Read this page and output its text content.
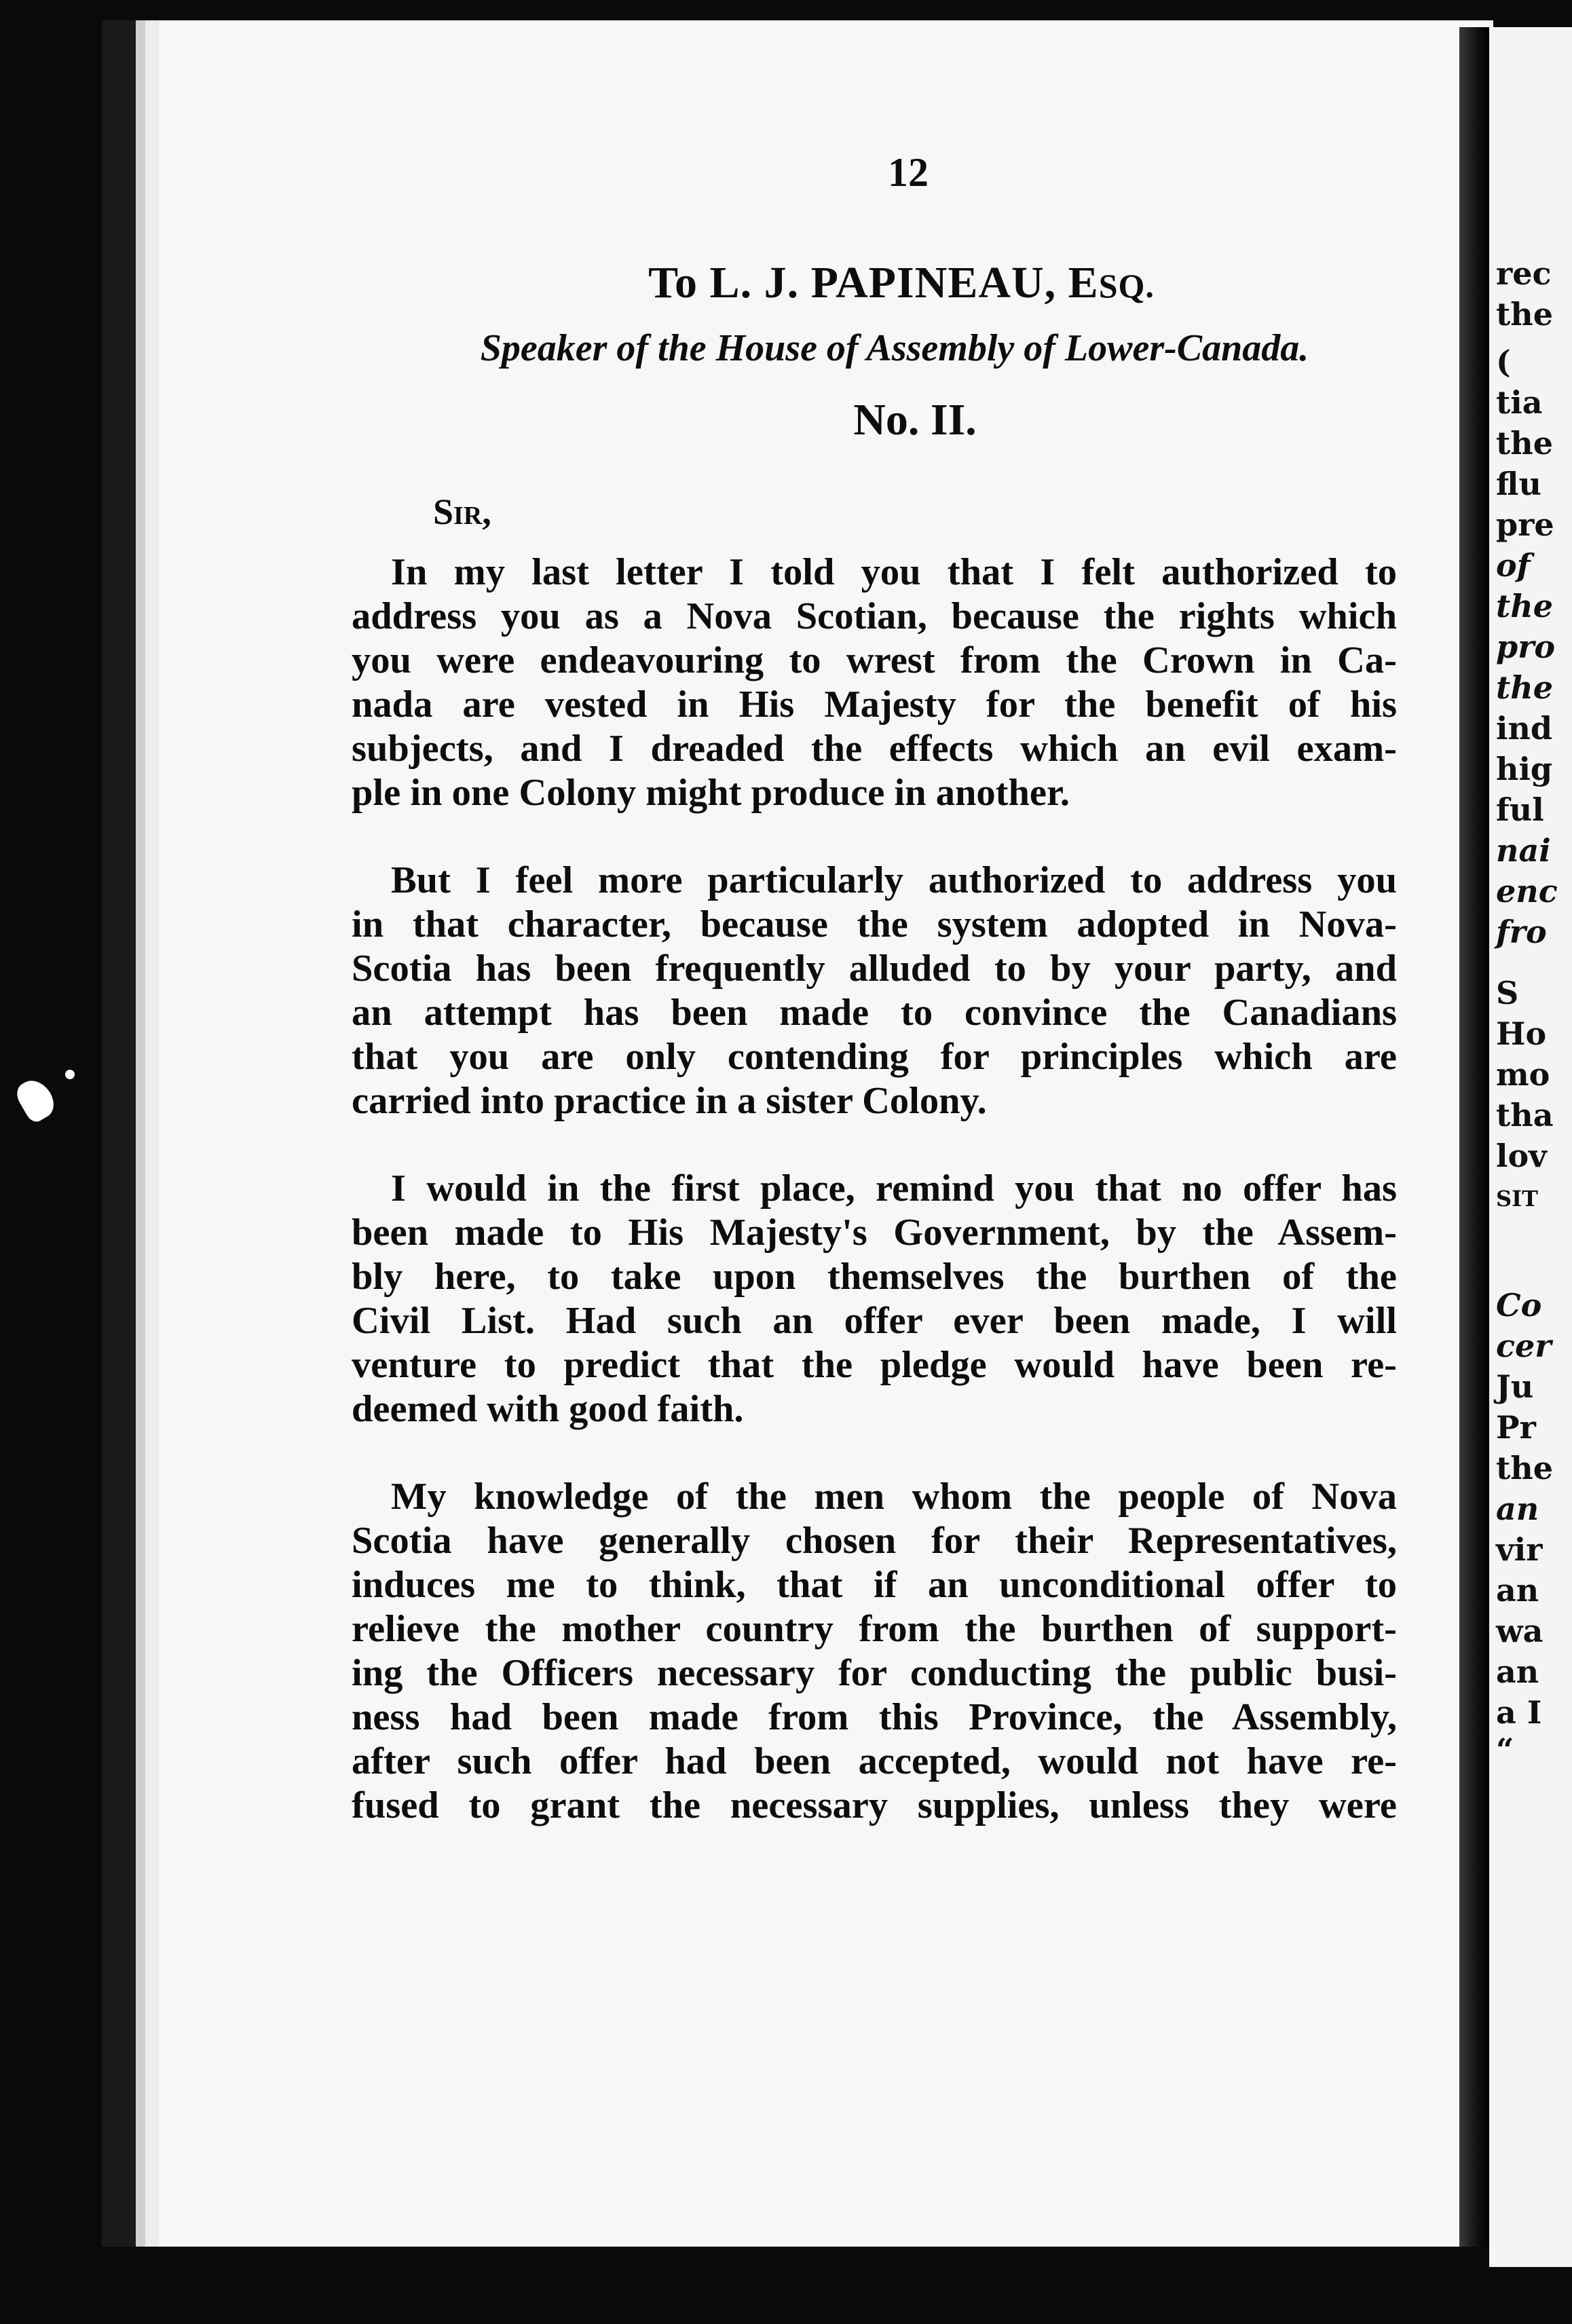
rec
the
(
tia
the
flu
pre
of
the
pro
the
ind
hig
ful
nai
enc
fro
S
Ho
mo
tha
lov
SIT
Co
cer
Ju
Pr
the
an
vir
an
wa
an
a I
“
12
To L. J. PAPINEAU, ESQ.
Speaker of the House of Assembly of Lower-Canada.
No. II.
Sir,
In my last letter I told you that I felt authorized to
address you as a Nova Scotian, because the rights which
you were endeavouring to wrest from the Crown in Ca-
nada are vested in His Majesty for the benefit of his
subjects, and I dreaded the effects which an evil exam-
ple in one Colony might produce in another.
But I feel more particularly authorized to address you
in that character, because the system adopted in Nova-
Scotia has been frequently alluded to by your party, and
an attempt has been made to convince the Canadians
that you are only contending for principles which are
carried into practice in a sister Colony.
I would in the first place, remind you that no offer has
been made to His Majesty's Government, by the Assem-
bly here, to take upon themselves the burthen of the
Civil List. Had such an offer ever been made, I will
venture to predict that the pledge would have been re-
deemed with good faith.
My knowledge of the men whom the people of Nova
Scotia have generally chosen for their Representatives,
induces me to think, that if an unconditional offer to
relieve the mother country from the burthen of support-
ing the Officers necessary for conducting the public busi-
ness had been made from this Province, the Assembly,
after such offer had been accepted, would not have re-
fused to grant the necessary supplies, unless they were
